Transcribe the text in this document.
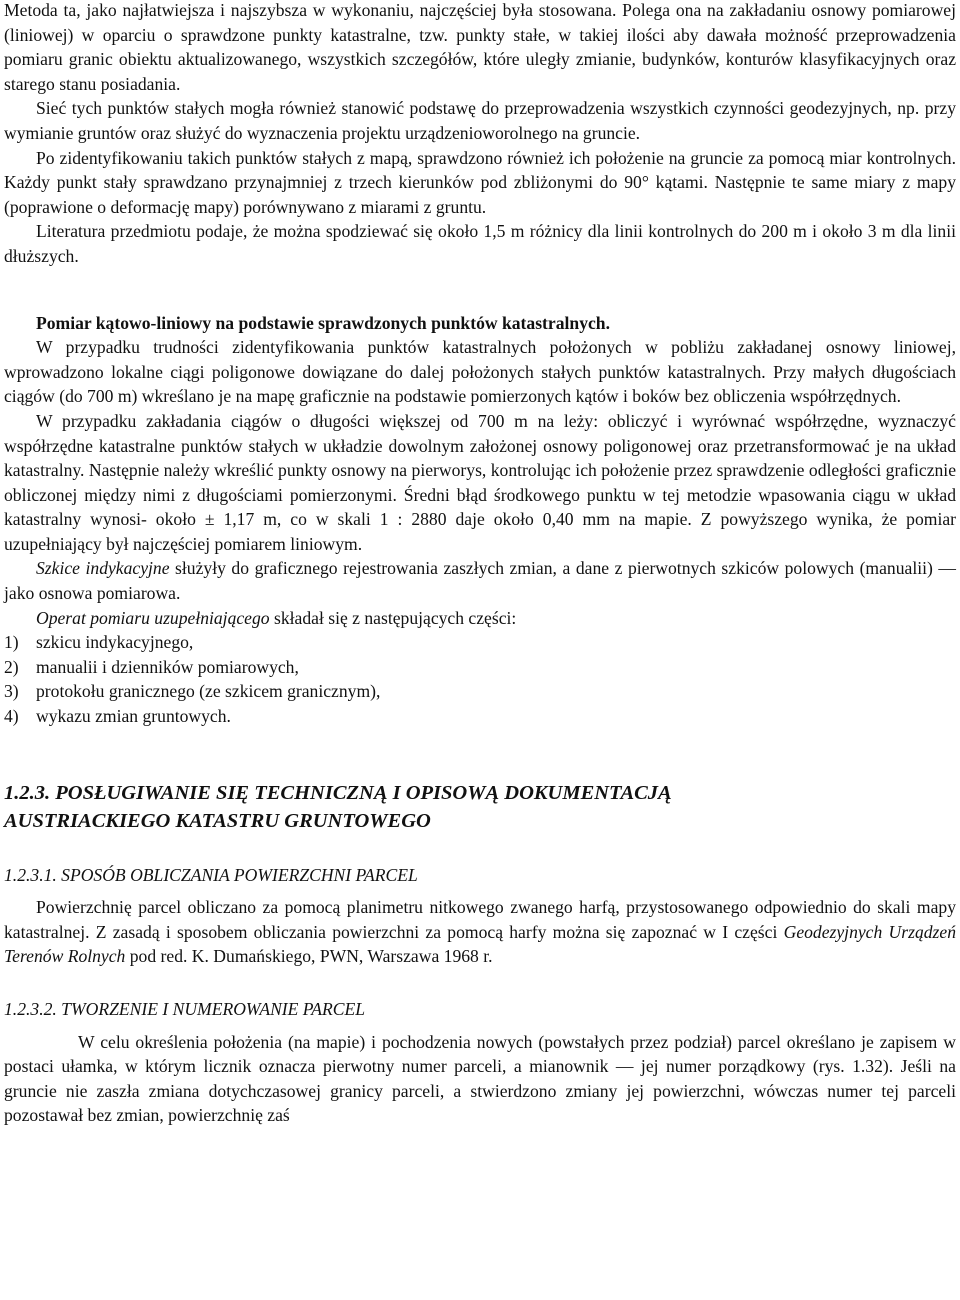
Metoda ta, jako najłatwiejsza i najszybsza w wykonaniu, najczęściej była stosowana. Polega ona na zakładaniu osnowy pomiarowej (liniowej) w oparciu o sprawdzone punkty katastralne, tzw. punkty stałe, w takiej ilości aby dawała możność przeprowadzenia pomiaru granic obiektu aktualizowanego, wszystkich szczegółów, które uległy zmianie, budynków, konturów klasyfikacyjnych oraz starego stanu posiadania.

Sieć tych punktów stałych mogła również stanowić podstawę do przeprowadzenia wszystkich czynności geodezyjnych, np. przy wymianie gruntów oraz służyć do wyznaczenia projektu urządzenioworolnego na gruncie.

Po zidentyfikowaniu takich punktów stałych z mapą, sprawdzono również ich położenie na gruncie za pomocą miar kontrolnych. Każdy punkt stały sprawdzano przynajmniej z trzech kierunków pod zbliżonymi do 90° kątami. Następnie te same miary z mapy (poprawione o deformację mapy) porównywano z miarami z gruntu.

Literatura przedmiotu podaje, że można spodziewać się około 1,5 m różnicy dla linii kontrolnych do 200 m i około 3 m dla linii dłuższych.

Pomiar kątowo-liniowy na podstawie sprawdzonych punktów katastralnych.

W przypadku trudności zidentyfikowania punktów katastralnych położonych w pobliżu zakładanej osnowy liniowej, wprowadzono lokalne ciągi poligonowe dowiązane do dalej położonych stałych punktów katastralnych. Przy małych długościach ciągów (do 700 m) wkreślano je na mapę graficznie na podstawie pomierzonych kątów i boków bez obliczenia współrzędnych.

W przypadku zakładania ciągów o długości większej od 700 m na leży: obliczyć i wyrównać współrzędne, wyznaczyć współrzędne katastralne punktów stałych w układzie dowolnym założonej osnowy poligonowej oraz przetransformować je na układ katastralny. Następnie należy wkreślić punkty osnowy na pierworys, kontrolując ich położenie przez sprawdzenie odległości graficznie obliczonej między nimi z długościami pomierzonymi. Średni błąd środkowego punktu w tej metodzie wpasowania ciągu w układ katastralny wynosi- około ± 1,17 m, co w skali 1 : 2880 daje około 0,40 mm na mapie. Z powyższego wynika, że pomiar uzupełniający był najczęściej pomiarem liniowym.

Szkice indykacyjne służyły do graficznego rejestrowania zaszłych zmian, a dane z pierwotnych szkiców polowych (manualii) — jako osnowa pomiarowa.

Operat pomiaru uzupełniającego składał się z następujących części:

1) szkicu indykacyjnego,
2) manualii i dzienników pomiarowych,
3) protokołu granicznego (ze szkicem granicznym),
4) wykazu zmian gruntowych.
1.2.3. POSŁUGIWANIE SIĘ TECHNICZNĄ I OPISOWĄ DOKUMENTACJĄ
AUSTRIACKIEGO KATASTRU GRUNTOWEGO

1.2.3.1. SPOSÓB OBLICZANIA POWIERZCHNI PARCEL

Powierzchnię parcel obliczano za pomocą planimetru nitkowego zwanego harfą, przystosowanego odpowiednio do skali mapy katastralnej. Z zasadą i sposobem obliczania powierzchni za pomocą harfy można się zapoznać w I części Geodezyjnych Urządzeń Terenów Rolnych pod red. K. Dumańskiego, PWN, Warszawa 1968 r.

1.2.3.2. TWORZENIE I NUMEROWANIE PARCEL

W celu określenia położenia (na mapie) i pochodzenia nowych (powstałych przez podział) parcel określano je zapisem w postaci ułamka, w którym licznik oznacza pierwotny numer parceli, a mianownik — jej numer porządkowy (rys. 1.32). Jeśli na gruncie nie zaszła zmiana dotychczasowej granicy parceli, a stwierdzono zmiany jej powierzchni, wówczas numer tej parceli pozostawał bez zmian, powierzchnię zaś
